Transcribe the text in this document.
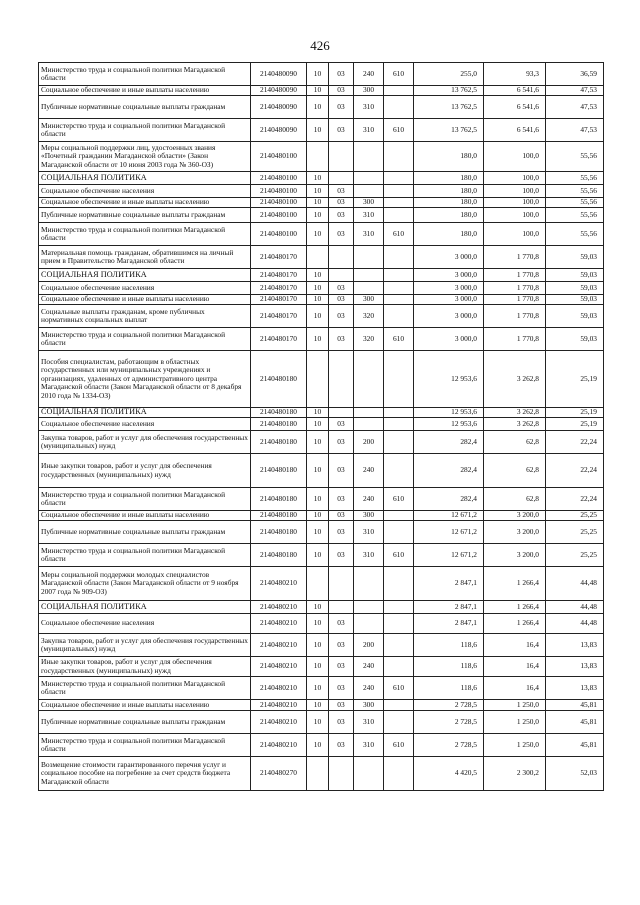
426
Министерство труда и социальной политики Магаданской области	2140480090	10	03	240	610	255,0	93,3	36,59
Социальное обеспечение и иные выплаты населению	2140480090	10	03	300		13 762,5	6 541,6	47,53
Публичные нормативные социальные выплаты гражданам	2140480090	10	03	310		13 762,5	6 541,6	47,53
Министерство труда и социальной политики Магаданской области	2140480090	10	03	310	610	13 762,5	6 541,6	47,53
Меры социальной поддержки лиц, удостоенных звания «Почетный гражданин Магаданской области» (Закон Магаданской области от 10 июня 2003 года № 360-ОЗ)	2140480100					180,0	100,0	55,56
СОЦИАЛЬНАЯ ПОЛИТИКА	2140480100	10				180,0	100,0	55,56
Социальное обеспечение населения	2140480100	10	03			180,0	100,0	55,56
Социальное обеспечение и иные выплаты населению	2140480100	10	03	300		180,0	100,0	55,56
Публичные нормативные социальные выплаты гражданам	2140480100	10	03	310		180,0	100,0	55,56
Министерство труда и социальной политики Магаданской области	2140480100	10	03	310	610	180,0	100,0	55,56
Материальная помощь гражданам, обратившимся на личный прием в Правительство Магаданской области	2140480170					3 000,0	1 770,8	59,03
СОЦИАЛЬНАЯ ПОЛИТИКА	2140480170	10				3 000,0	1 770,8	59,03
Социальное обеспечение населения	2140480170	10	03			3 000,0	1 770,8	59,03
Социальное обеспечение и иные выплаты населению	2140480170	10	03	300		3 000,0	1 770,8	59,03
Социальные выплаты гражданам, кроме публичных нормативных социальных выплат	2140480170	10	03	320		3 000,0	1 770,8	59,03
Министерство труда и социальной политики Магаданской области	2140480170	10	03	320	610	3 000,0	1 770,8	59,03
Пособия специалистам, работающим в областных государственных или муниципальных учреждениях и организациях, удаленных от административного центра Магаданской области (Закон Магаданской области от 8 декабря 2010 года № 1334-ОЗ)	2140480180					12 953,6	3 262,8	25,19
СОЦИАЛЬНАЯ ПОЛИТИКА	2140480180	10				12 953,6	3 262,8	25,19
Социальное обеспечение населения	2140480180	10	03			12 953,6	3 262,8	25,19
Закупка товаров, работ и услуг для обеспечения государственных (муниципальных) нужд	2140480180	10	03	200		282,4	62,8	22,24
Иные закупки товаров, работ и услуг для обеспечения государственных (муниципальных) нужд	2140480180	10	03	240		282,4	62,8	22,24
Министерство труда и социальной политики Магаданской области	2140480180	10	03	240	610	282,4	62,8	22,24
Социальное обеспечение и иные выплаты населению	2140480180	10	03	300		12 671,2	3 200,0	25,25
Публичные нормативные социальные выплаты гражданам	2140480180	10	03	310		12 671,2	3 200,0	25,25
Министерство труда и социальной политики Магаданской области	2140480180	10	03	310	610	12 671,2	3 200,0	25,25
Меры социальной поддержки молодых специалистов Магаданской области (Закон Магаданской области от 9 ноября 2007 года № 909-ОЗ)	2140480210					2 847,1	1 266,4	44,48
СОЦИАЛЬНАЯ ПОЛИТИКА	2140480210	10				2 847,1	1 266,4	44,48
Социальное обеспечение населения	2140480210	10	03			2 847,1	1 266,4	44,48
Закупка товаров, работ и услуг для обеспечения государственных (муниципальных) нужд	2140480210	10	03	200		118,6	16,4	13,83
Иные закупки товаров, работ и услуг для обеспечения государственных (муниципальных) нужд	2140480210	10	03	240		118,6	16,4	13,83
Министерство труда и социальной политики Магаданской области	2140480210	10	03	240	610	118,6	16,4	13,83
Социальное обеспечение и иные выплаты населению	2140480210	10	03	300		2 728,5	1 250,0	45,81
Публичные нормативные социальные выплаты гражданам	2140480210	10	03	310		2 728,5	1 250,0	45,81
Министерство труда и социальной политики Магаданской области	2140480210	10	03	310	610	2 728,5	1 250,0	45,81
Возмещение стоимости гарантированного перечня услуг и социальное пособие на погребение за счет средств бюджета Магаданской области	2140480270					4 420,5	2 300,2	52,03
